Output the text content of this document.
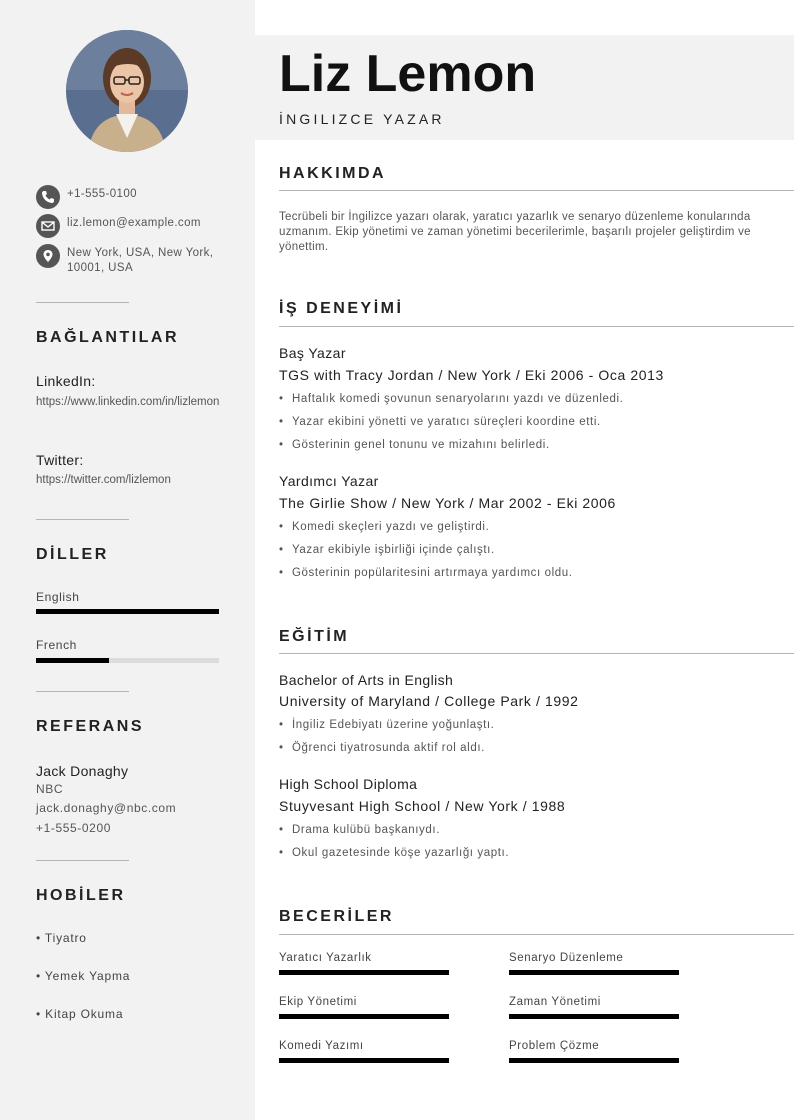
+1-555-0100
liz.lemon@example.com
New York, USA, New York, 10001, USA
BAĞLANTILAR
LinkedIn:
https://www.linkedin.com/in/lizlemon
Twitter:
https://twitter.com/lizlemon
DİLLER
English
French
REFERANS
Jack Donaghy
NBC
jack.donaghy@nbc.com
+1-555-0200
HOBİLER
• Tiyatro
• Yemek Yapma
• Kitap Okuma
Liz Lemon
İNGILIZCE YAZAR
HAKKIMDA
Tecrübeli bir İngilizce yazarı olarak, yaratıcı yazarlık ve senaryo düzenleme konularında uzmanım. Ekip yönetimi ve zaman yönetimi becerilerimle, başarılı projeler geliştirdim ve yönettim.
İŞ DENEYİMİ
Baş Yazar
TGS with Tracy Jordan / New York / Eki 2006 - Oca 2013
• Haftalık komedi şovunun senaryolarını yazdı ve düzenledi.
• Yazar ekibini yönetti ve yaratıcı süreçleri koordine etti.
• Gösterinin genel tonunu ve mizahını belirledi.
Yardımcı Yazar
The Girlie Show / New York / Mar 2002 - Eki 2006
• Komedi skeçleri yazdı ve geliştirdi.
• Yazar ekibiyle işbirliği içinde çalıştı.
• Gösterinin popülaritesini artırmaya yardımcı oldu.
EĞİTİM
Bachelor of Arts in English
University of Maryland / College Park / 1992
• İngiliz Edebiyatı üzerine yoğunlaştı.
• Öğrenci tiyatrosunda aktif rol aldı.
High School Diploma
Stuyvesant High School / New York / 1988
• Drama kulübü başkanıydı.
• Okul gazetesinde köşe yazarlığı yaptı.
BECERİLER
Yaratıcı Yazarlık	Senaryo Düzenleme
Ekip Yönetimi	Zaman Yönetimi
Komedi Yazımı	Problem Çözme
